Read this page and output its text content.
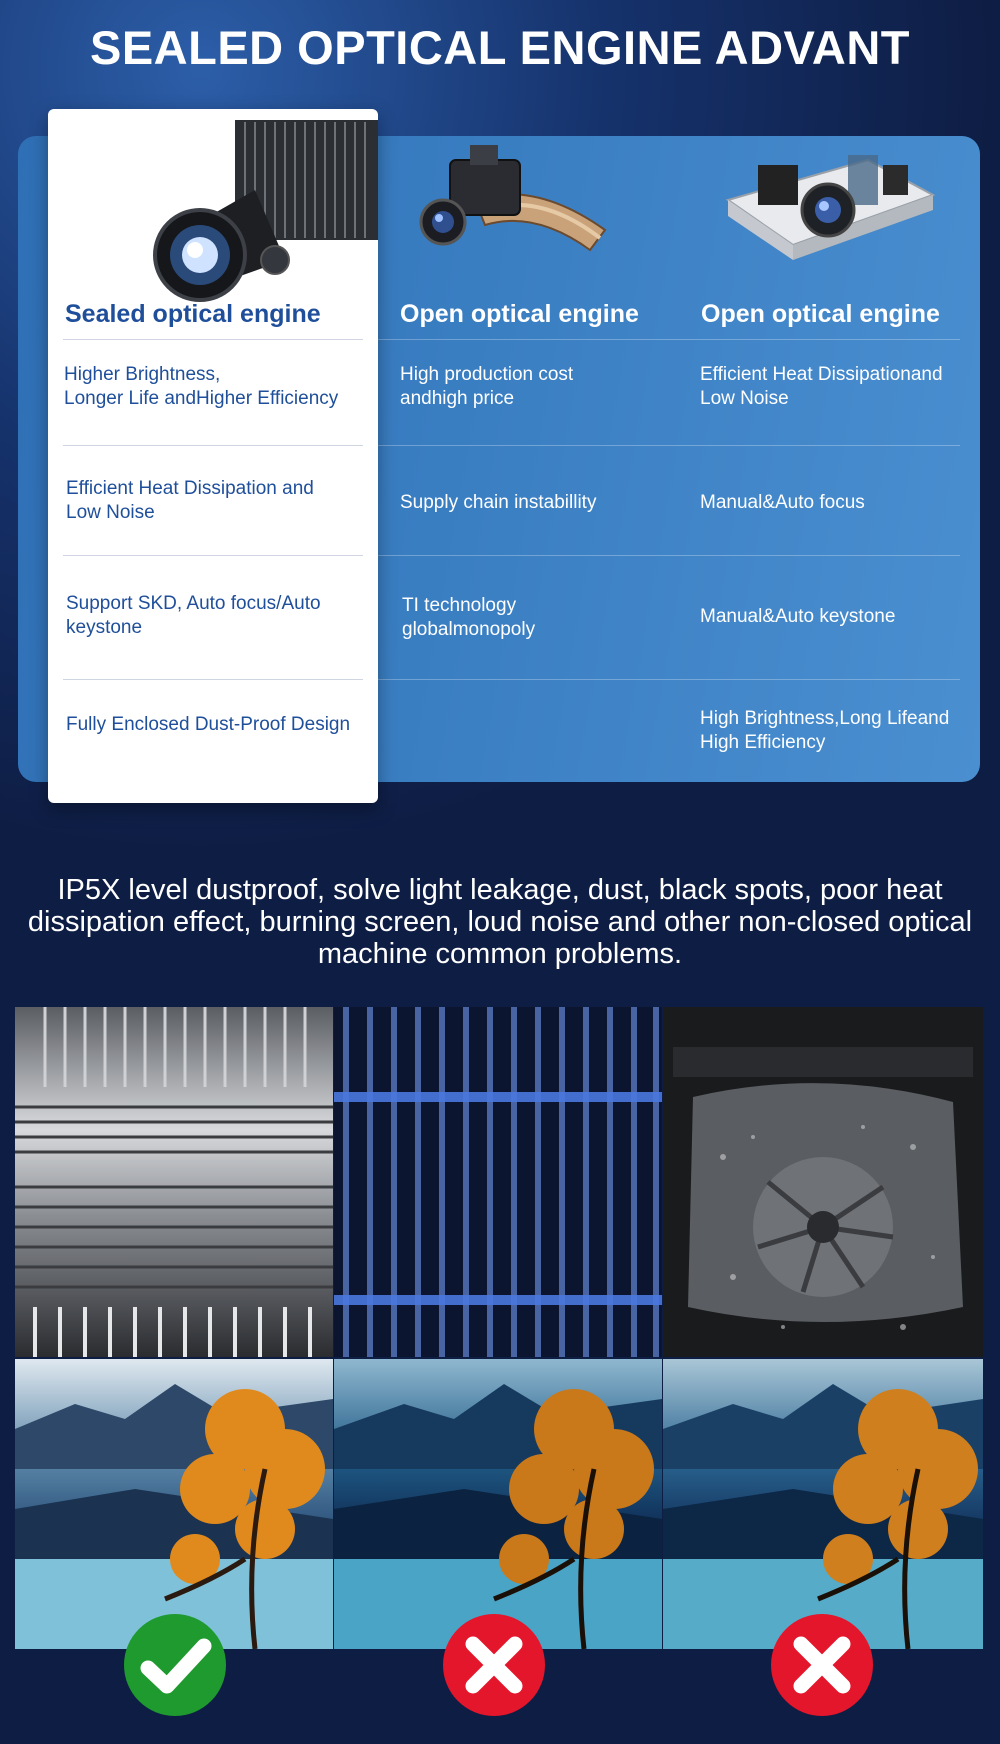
SEALED OPTICAL ENGINE ADVANT
Open optical engine Open optical engine
High production cost
andhigh price
Supply chain instabillity
TI technology
globalmonopoly
Efficient Heat Dissipationand
Low Noise
Manual&Auto focus
Manual&Auto keystone
High Brightness,Long Lifeand
High Efficiency
Sealed optical engine
Higher Brightness,
Longer Life andHigher Efficiency
Efficient Heat Dissipation and
Low Noise
Support SKD, Auto focus/Auto
keystone
Fully Enclosed Dust-Proof Design
IP5X level dustproof, solve light leakage, dust, black spots, poor heat dissipation effect, burning screen, loud noise and other non-closed optical machine common problems.
